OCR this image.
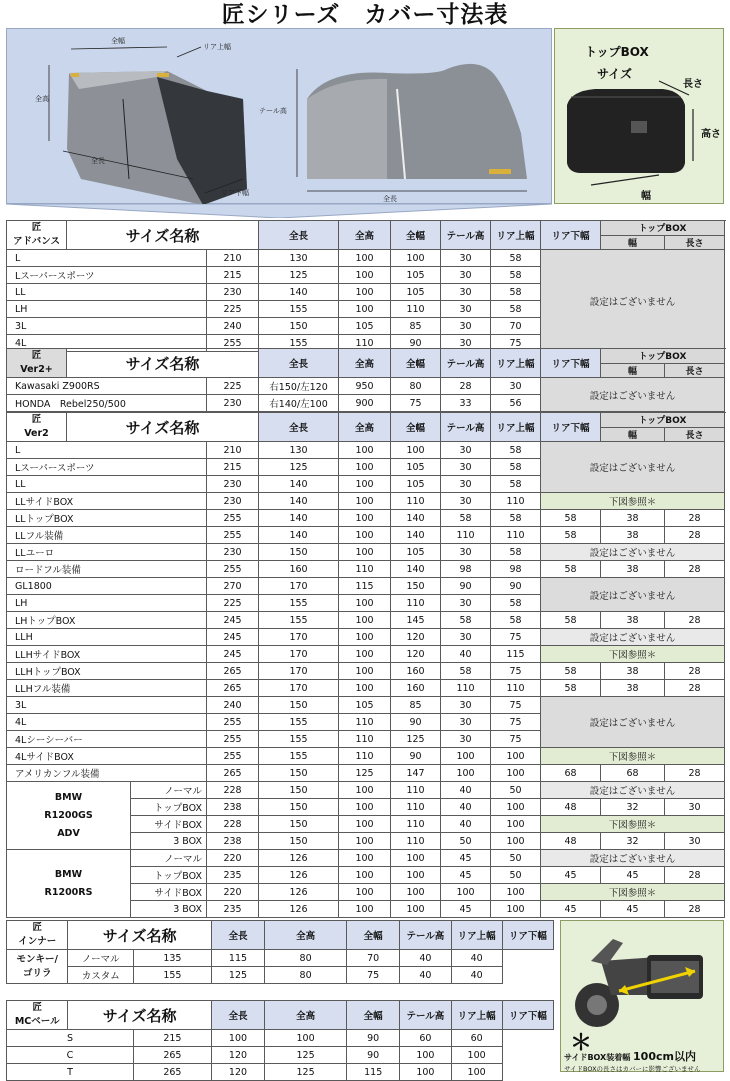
匠シリーズ　カバー寸法表
全幅
リア上幅
全高
全長
リア下幅
テール高
全長
トップBOX
サイズ
長さ
高さ
幅
匠
アドバンス	サイズ名称		全長	全高	全幅	テール高	リア上幅	リア下幅	トップBOX		
									幅	長さ	
L		210	130	100	100	30	58	設定はございません			
Lスーパースポーツ		215	125	100	105	30	58				
LL		230	140	100	105	30	58				
LH		225	155	100	110	30	58				
3L		240	150	105	85	30	70				
4L		255	155	110	90	30	75				
匠
Ver2+	サイズ名称		全長	全高	全幅	テール高	リア上幅	リア下幅	トップBOX		
									幅	長さ	
Kawasaki Z900RS		225	右150/左120	950	80	28	30	設定はございません			
HONDA　Rebel250/500		230	右140/左100	900	75	33	56				
匠
Ver2	サイズ名称			全長	全高	全幅	テール高	リア上幅	リア下幅	トップBOX		
										幅	長さ	
L			210	130	100	100	30	58	設定はございません			
Lスーパースポーツ			215	125	100	105	30	58				
LL			230	140	100	105	30	58				
LLサイドBOX			230	140	100	110	30	110	下図参照＊			
LLトップBOX			255	140	100	140	58	58	58	38	28	
LLフル装備			255	140	100	140	110	110	58	38	28	
LLユーロ			230	150	100	105	30	58	設定はございません			
ロードフル装備			255	160	110	140	98	98	58	38	28	
GL1800			270	170	115	150	90	90	設定はございません			
LH			225	155	100	110	30	58				
LHトップBOX			245	155	100	145	58	58	58	38	28	
LLH			245	170	100	120	30	75	設定はございません			
LLHサイドBOX			245	170	100	120	40	115	下図参照＊			
LLHトップBOX			265	170	100	160	58	75	58	38	28	
LLHフル装備			265	170	100	160	110	110	58	38	28	
3L			240	150	105	85	30	75	設定はございません			
4L			255	155	110	90	30	75				
4Lシーシーバー			255	155	110	125	30	75				
4LサイドBOX			255	155	110	90	100	100	下図参照＊			
アメリカンフル装備			265	150	125	147	100	100	68	68	28	
BMW
R1200GS
ADV		ノーマル	228	150	100	110	40	50	設定はございません			
		トップBOX	238	150	100	110	40	100	48	32	30	
		サイドBOX	228	150	100	110	40	100	下図参照＊			
		3 BOX	238	150	100	110	50	100	48	32	30	
BMW
R1200RS		ノーマル	220	126	100	100	45	50	設定はございません			
		トップBOX	235	126	100	100	45	50	45	45	28	
		サイドBOX	220	126	100	100	100	100	下図参照＊			
		3 BOX	235	126	100	100	45	100	45	45	28	
匠
インナー	サイズ名称		全長	全高	全幅	テール高	リア上幅	リア下幅
モンキー/
ゴリラ	ノーマル	135	115	80	70	40	40	
	カスタム	155	125	80	75	40	40	
匠
MCベール	サイズ名称		全長	全高	全幅	テール高	リア上幅	リア下幅
S		215	100	100	90	60	60	
C		265	120	125	90	100	100	
T		265	120	125	115	100	100	
＊
サイドBOX装着幅 100cm以内
サイドBOXの長さはカバーに影響ございません
